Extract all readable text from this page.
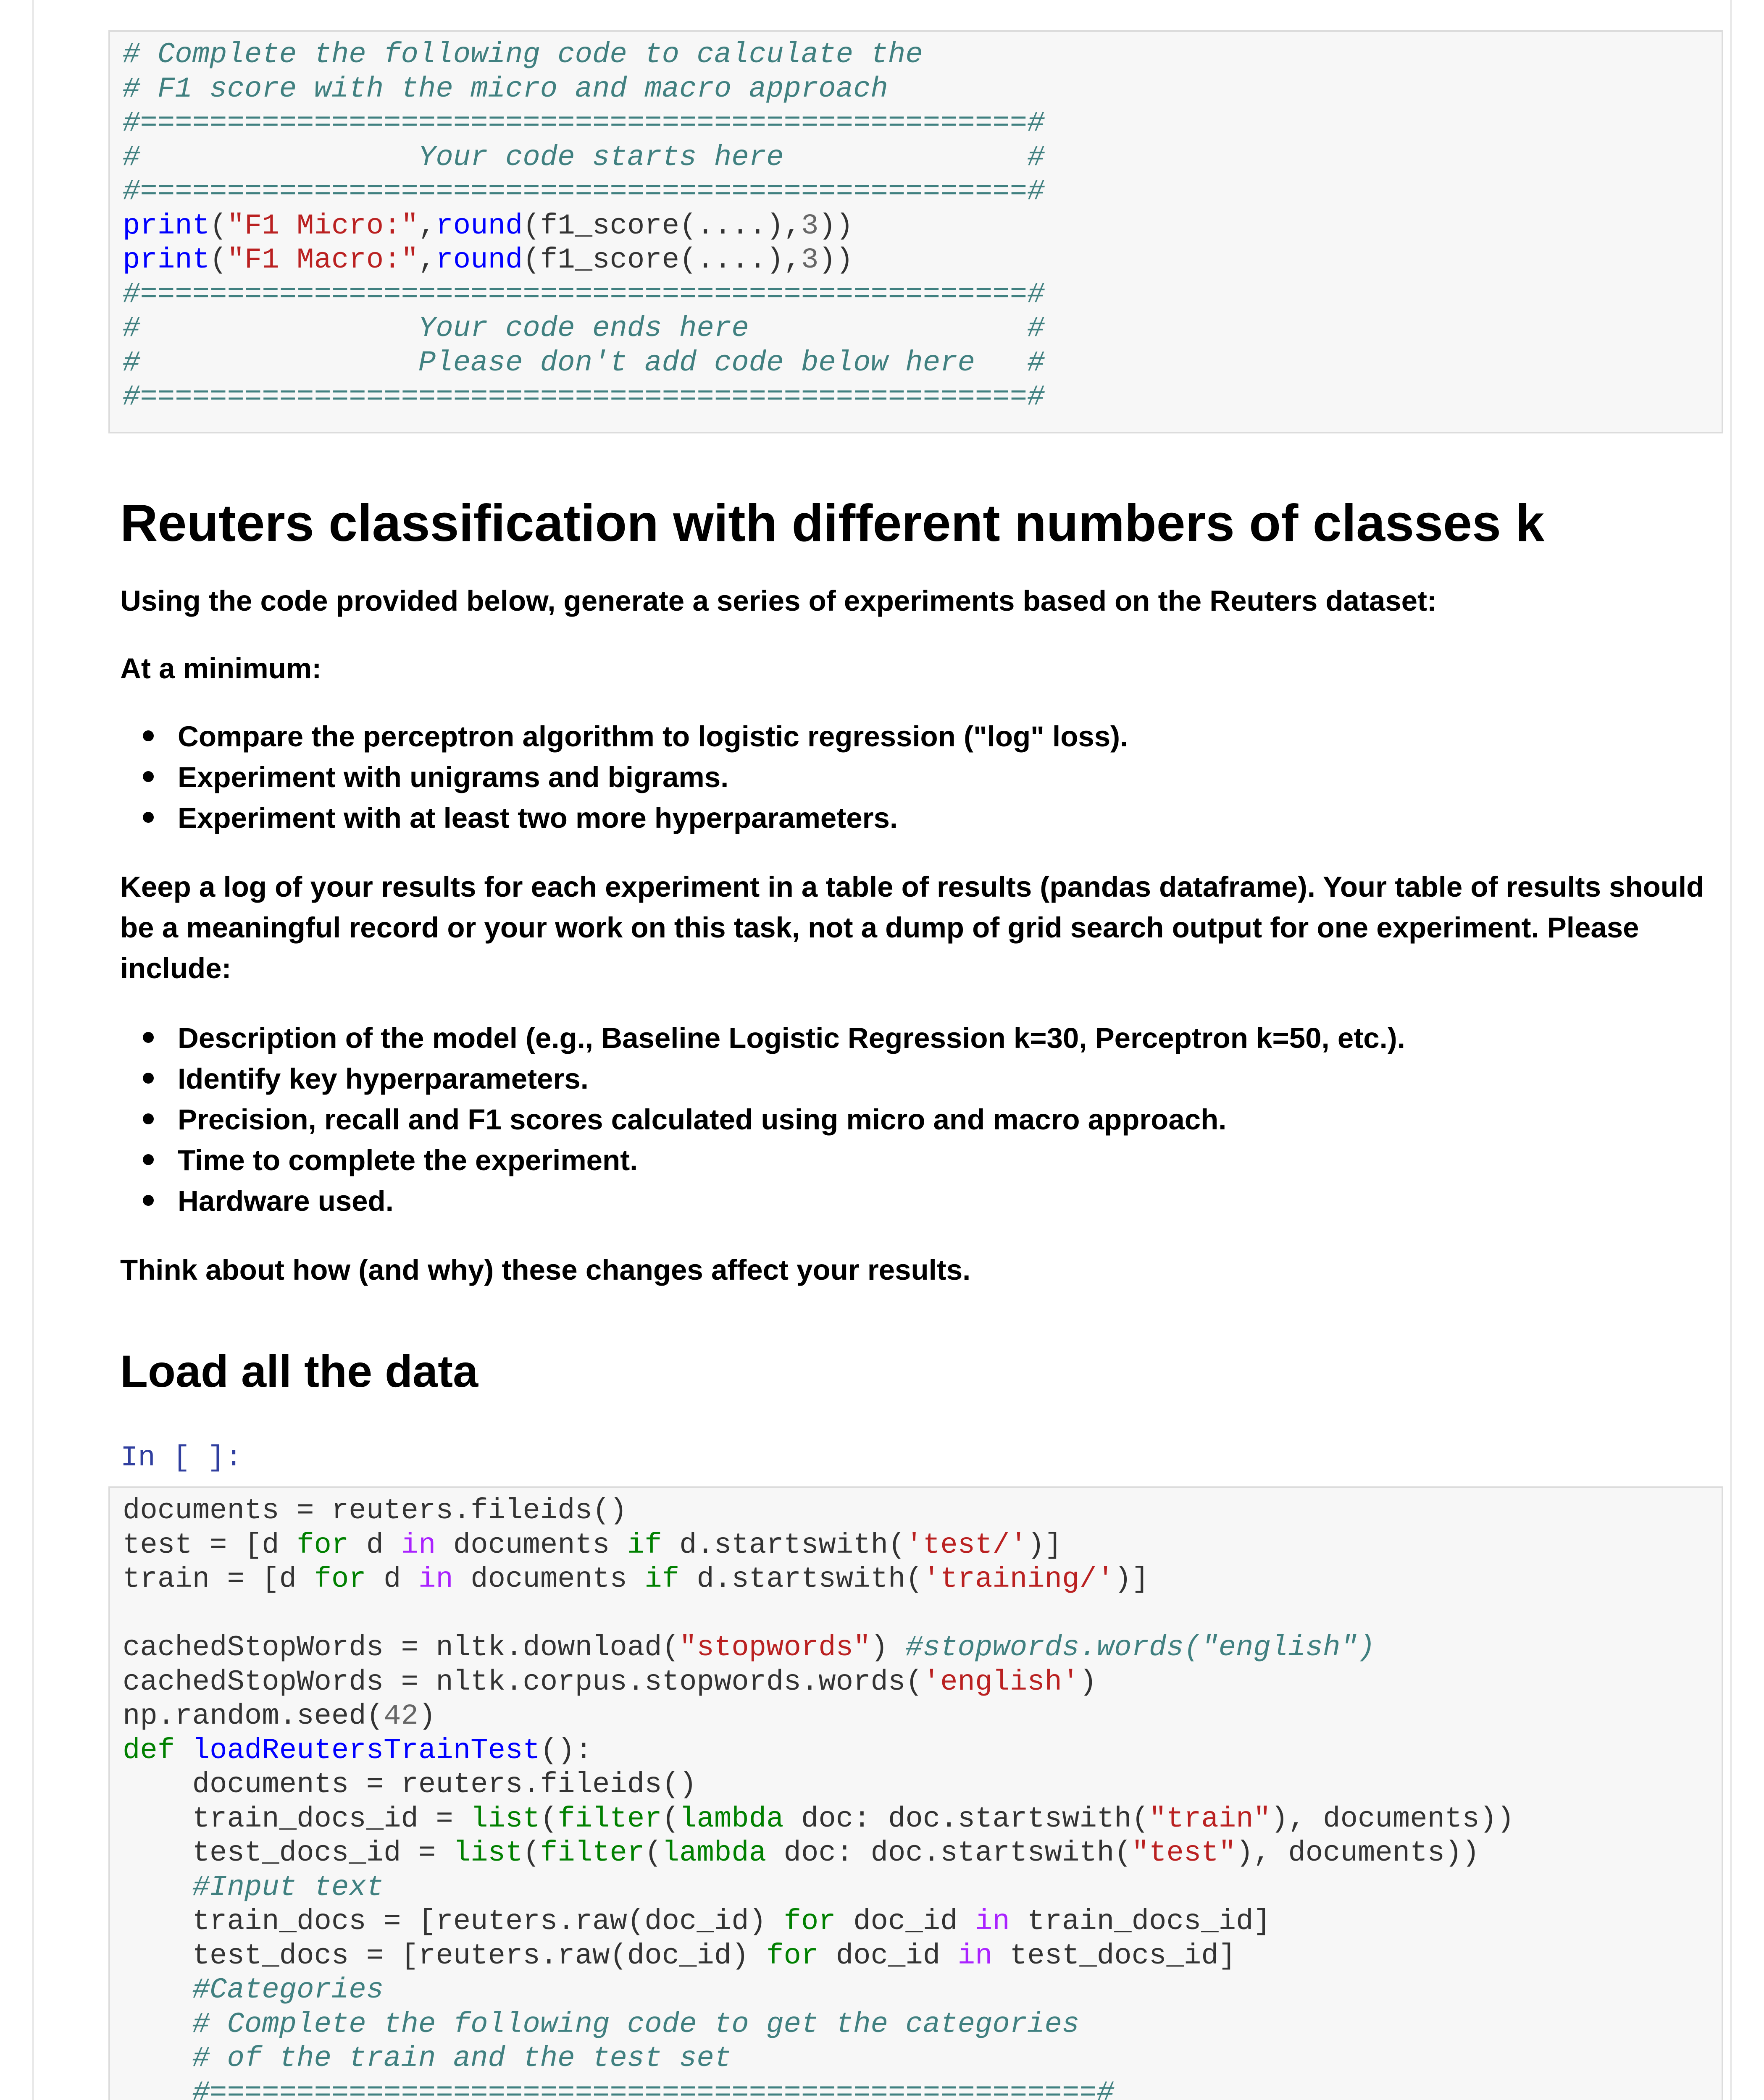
# Complete the following code to calculate the
# F1 score with the micro and macro approach
#===================================================#
#                Your code starts here              #
#===================================================#
print("F1 Micro:",round(f1_score(....),3))
print("F1 Macro:",round(f1_score(....),3))
#===================================================#
#                Your code ends here                #
#                Please don't add code below here   #
#===================================================#
Reuters classification with different numbers of classes k

Using the code provided below, generate a series of experiments based on the Reuters dataset:

At a minimum:

Compare the perceptron algorithm to logistic regression ("log" loss).
Experiment with unigrams and bigrams.
Experiment with at least two more hyperparameters.

Keep a log of your results for each experiment in a table of results (pandas dataframe). Your table of results should be a meaningful record or your work on this task, not a dump of grid search output for one experiment. Please include:

Description of the model (e.g., Baseline Logistic Regression k=30, Perceptron k=50, etc.).
Identify key hyperparameters.
Precision, recall and F1 scores calculated using micro and macro approach.
Time to complete the experiment.
Hardware used.

Think about how (and why) these changes affect your results.

Load all the data
In [ ]:
documents = reuters.fileids()
test = [d for d in documents if d.startswith('test/')]
train = [d for d in documents if d.startswith('training/')]
cachedStopWords = nltk.download("stopwords") #stopwords.words("english")
cachedStopWords = nltk.corpus.stopwords.words('english')
np.random.seed(42)
def loadReutersTrainTest():
documents = reuters.fileids()
train_docs_id = list(filter(lambda doc: doc.startswith("train"), documents))
test_docs_id = list(filter(lambda doc: doc.startswith("test"), documents))
#Input text
train_docs = [reuters.raw(doc_id) for doc_id in train_docs_id]
test_docs = [reuters.raw(doc_id) for doc_id in test_docs_id]
#Categories
# Complete the following code to get the categories
# of the train and the test set
#===================================================#
